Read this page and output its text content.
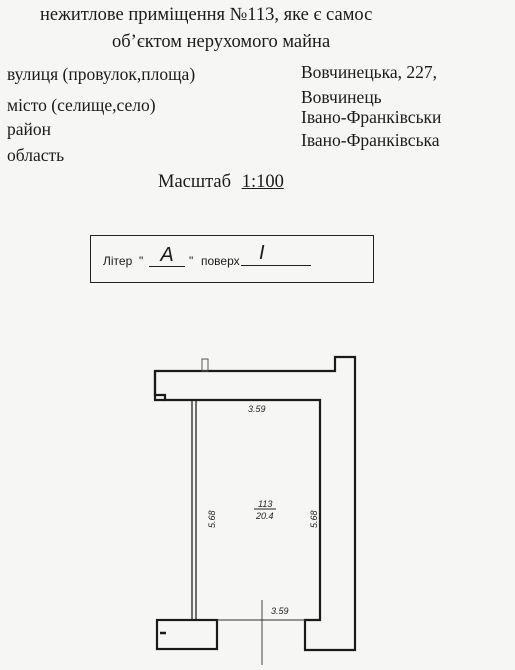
нежитлове приміщення №113, яке є самос
об’єктом нерухомого майна
вулиця (провулок,площа)
місто (селище,село)
район
область
Вовчинецька, 227,
Вовчинець
Івано-Франківськи
Івано-Франківська
Масштаб 1:100
Літер " А	" поверх І
3.59
3.59
5.68	5.68
113
20.4
